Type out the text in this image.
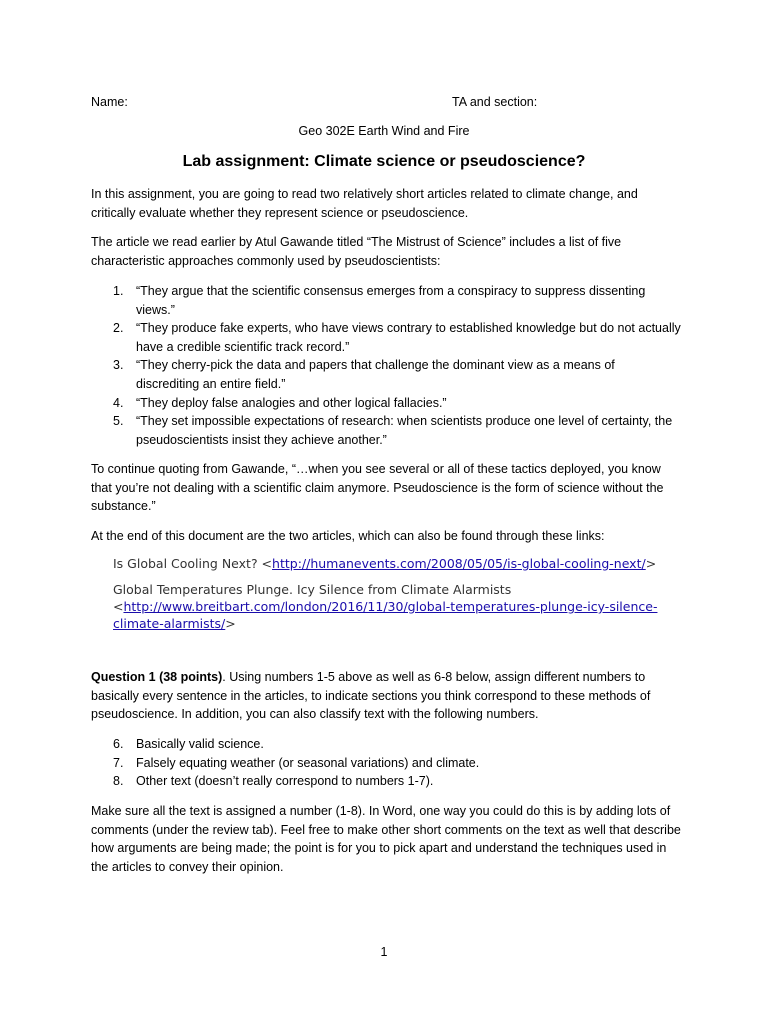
Name:	TA and section:

Geo 302E Earth Wind and Fire

Lab assignment: Climate science or pseudoscience?

In this assignment, you are going to read two relatively short articles related to climate change, and critically evaluate whether they represent science or pseudoscience.

The article we read earlier by Atul Gawande titled “The Mistrust of Science” includes a list of five characteristic approaches commonly used by pseudoscientists:

1. “They argue that the scientific consensus emerges from a conspiracy to suppress dissenting views.”
2. “They produce fake experts, who have views contrary to established knowledge but do not actually have a credible scientific track record.”
3. “They cherry-pick the data and papers that challenge the dominant view as a means of discrediting an entire field.”
4. “They deploy false analogies and other logical fallacies.”
5. “They set impossible expectations of research: when scientists produce one level of certainty, the pseudoscientists insist they achieve another.”

To continue quoting from Gawande, “…when you see several or all of these tactics deployed, you know that you’re not dealing with a scientific claim anymore. Pseudoscience is the form of science without the substance.”

At the end of this document are the two articles, which can also be found through these links:

Is Global Cooling Next? <http://humanevents.com/2008/05/05/is-global-cooling-next/>

Global Temperatures Plunge. Icy Silence from Climate Alarmists <http://www.breitbart.com/london/2016/11/30/global-temperatures-plunge-icy-silence-climate-alarmists/>

Question 1 (38 points). Using numbers 1-5 above as well as 6-8 below, assign different numbers to basically every sentence in the articles, to indicate sections you think correspond to these methods of pseudoscience. In addition, you can also classify text with the following numbers.

6. Basically valid science.
7. Falsely equating weather (or seasonal variations) and climate.
8. Other text (doesn’t really correspond to numbers 1-7).

Make sure all the text is assigned a number (1-8). In Word, one way you could do this is by adding lots of comments (under the review tab). Feel free to make other short comments on the text as well that describe how arguments are being made; the point is for you to pick apart and understand the techniques used in the articles to convey their opinion.

1
